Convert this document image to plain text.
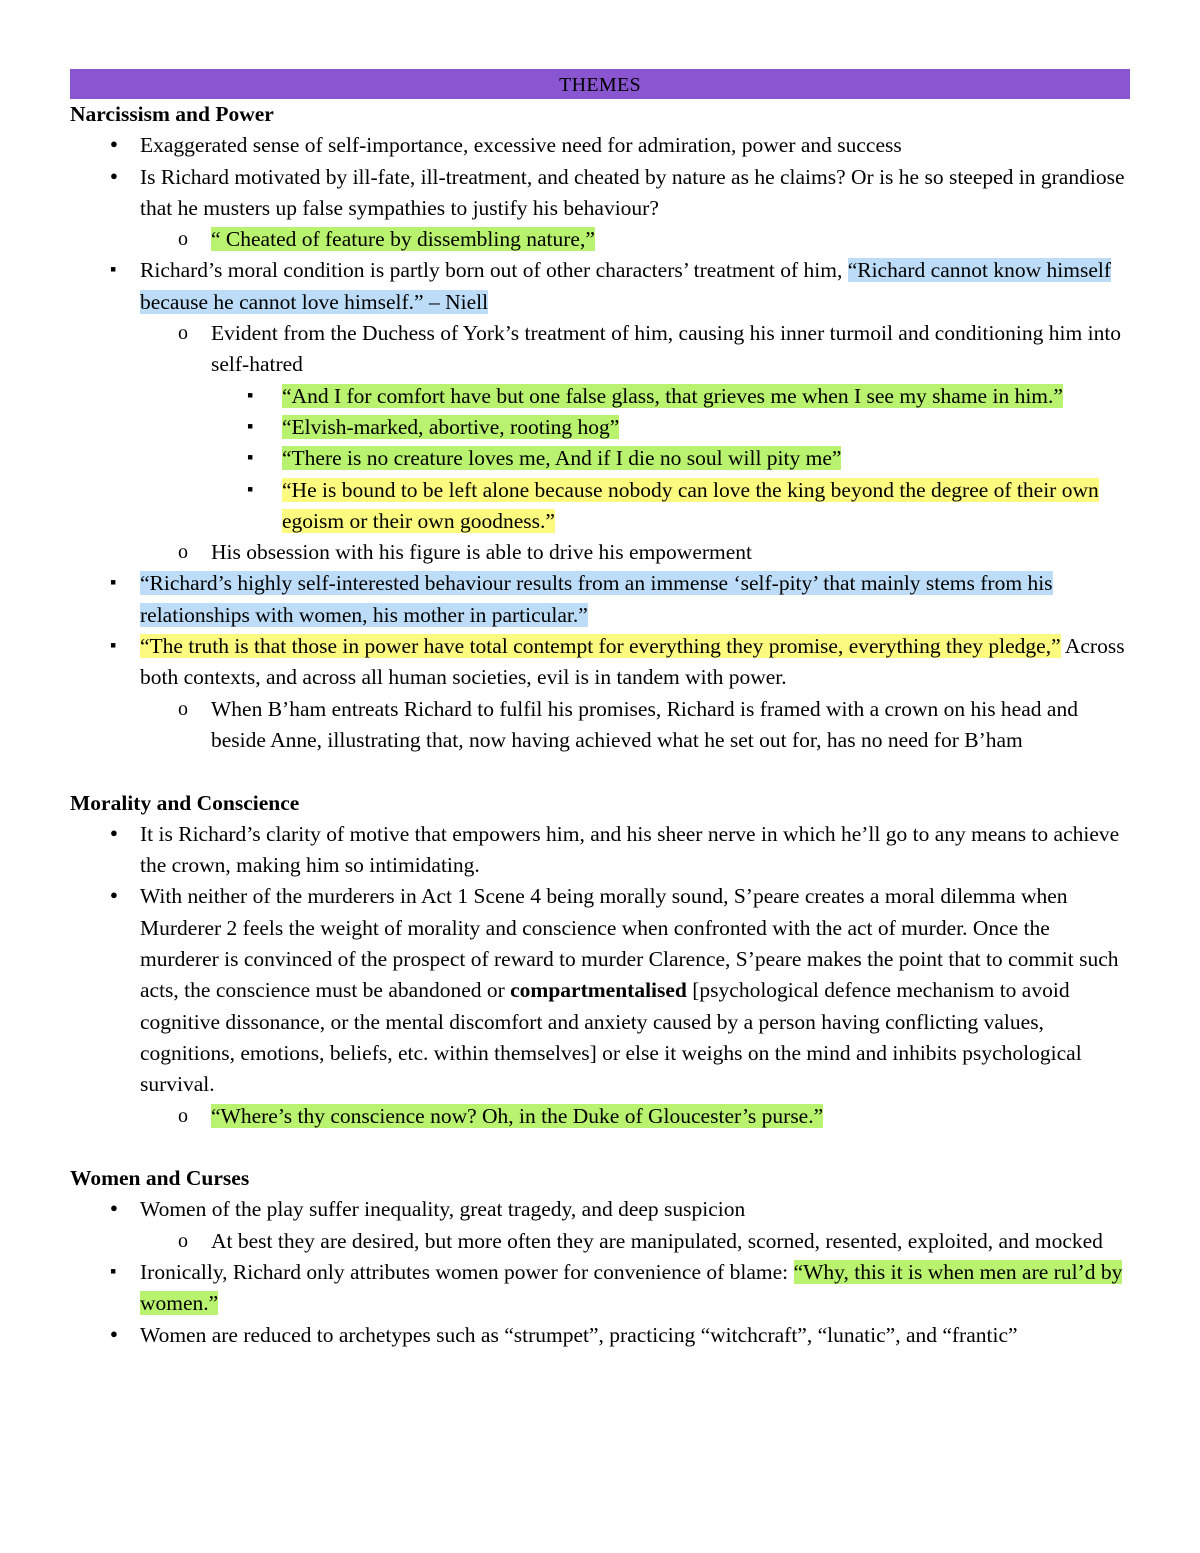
THEMES
Narcissism and Power
●
Exaggerated sense of self-importance, excessive need for admiration, power and success
●
Is Richard motivated by ill-fate, ill-treatment, and cheated by nature as he claims? Or is he so steeped in grandiose that he musters up false sympathies to justify his behaviour?
o
“ Cheated of feature by dissembling nature,”
▪
Richard’s moral condition is partly born out of other characters’ treatment of him, “Richard cannot know himself because he cannot love himself.” – Niell
o
Evident from the Duchess of York’s treatment of him, causing his inner turmoil and conditioning him into self-hatred
▪
“And I for comfort have but one false glass, that grieves me when I see my shame in him.”
▪
“Elvish-marked, abortive, rooting hog”
▪
“There is no creature loves me, And if I die no soul will pity me”
▪
“He is bound to be left alone because nobody can love the king beyond the degree of their own egoism or their own goodness.”
o
His obsession with his figure is able to drive his empowerment
▪
“Richard’s highly self-interested behaviour results from an immense ‘self-pity’ that mainly stems from his relationships with women, his mother in particular.”
▪
“The truth is that those in power have total contempt for everything they promise, everything they pledge,” Across both contexts, and across all human societies, evil is in tandem with power.
o
When B’ham entreats Richard to fulfil his promises, Richard is framed with a crown on his head and beside Anne, illustrating that, now having achieved what he set out for, has no need for B’ham
Morality and Conscience
●
It is Richard’s clarity of motive that empowers him, and his sheer nerve in which he’ll go to any means to achieve the crown, making him so intimidating.
●
With neither of the murderers in Act 1 Scene 4 being morally sound, S’peare creates a moral dilemma when Murderer 2 feels the weight of morality and conscience when confronted with the act of murder. Once the murderer is convinced of the prospect of reward to murder Clarence, S’peare makes the point that to commit such acts, the conscience must be abandoned or compartmentalised [psychological defence mechanism to avoid cognitive dissonance, or the mental discomfort and anxiety caused by a person having conflicting values, cognitions, emotions, beliefs, etc. within themselves] or else it weighs on the mind and inhibits psychological survival.
o
“Where’s thy conscience now? Oh, in the Duke of Gloucester’s purse.”
Women and Curses
●
Women of the play suffer inequality, great tragedy, and deep suspicion
o
At best they are desired, but more often they are manipulated, scorned, resented, exploited, and mocked
▪
Ironically, Richard only attributes women power for convenience of blame: “Why, this it is when men are rul’d by women.”
●
Women are reduced to archetypes such as “strumpet”, practicing “witchcraft”, “lunatic”, and “frantic”
